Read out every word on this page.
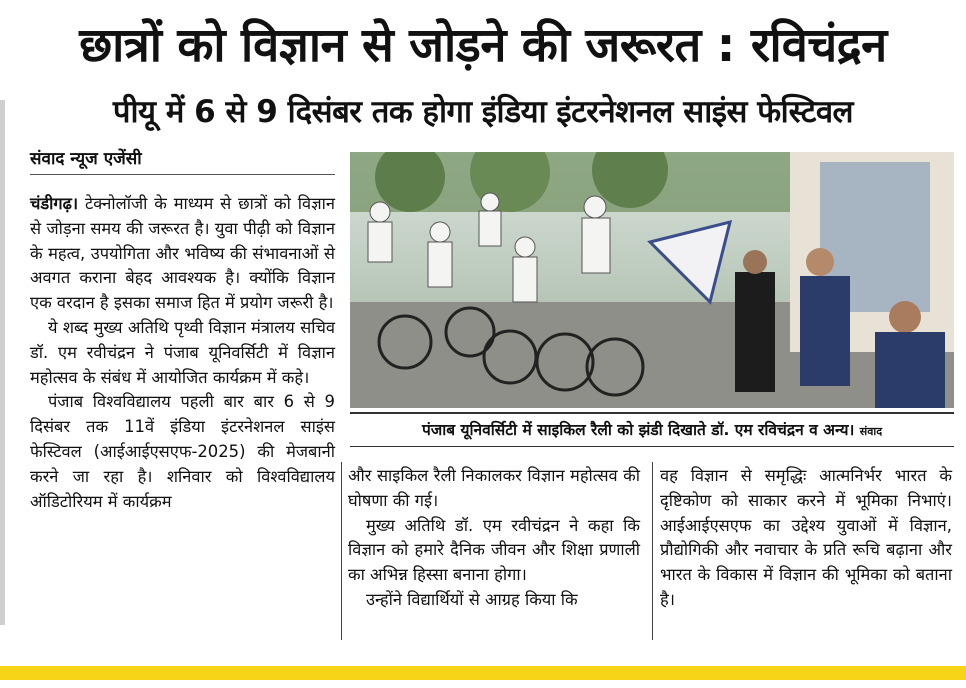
छात्रों को विज्ञान से जोड़ने की जरूरत : रविचंद्रन
पीयू में 6 से 9 दिसंबर तक होगा इंडिया इंटरनेशनल साइंस फेस्टिवल
संवाद न्यूज एजेंसी

चंडीगढ़। टेक्नोलॉजी के माध्यम से छात्रों को विज्ञान से जोड़ना समय की जरूरत है। युवा पीढ़ी को विज्ञान के महत्व, उपयोगिता और भविष्य की संभावनाओं से अवगत कराना बेहद आवश्यक है। क्योंकि विज्ञान एक वरदान है इसका समाज हित में प्रयोग जरूरी है।

ये शब्द मुख्य अतिथि पृथ्वी विज्ञान मंत्रालय सचिव डॉ. एम रवीचंद्रन ने पंजाब यूनिवर्सिटी में विज्ञान महोत्सव के संबंध में आयोजित कार्यक्रम में कहे।

पंजाब विश्वविद्यालय पहली बार बार 6 से 9 दिसंबर तक 11वें इंडिया इंटरनेशनल साइंस फेस्टिवल (आईआईएसएफ-2025) की मेजबानी करने जा रहा है। शनिवार को विश्वविद्यालय ऑडिटोरियम में कार्यक्रम

पंजाब यूनिवर्सिटी में साइकिल रैली को झंडी दिखाते डॉ. एम रविचंद्रन व अन्य। संवाद

और साइकिल रैली निकालकर विज्ञान महोत्सव की घोषणा की गई।

मुख्य अतिथि डॉ. एम रवीचंद्रन ने कहा कि विज्ञान को हमारे दैनिक जीवन और शिक्षा प्रणाली का अभिन्न हिस्सा बनाना होगा।

उन्होंने विद्यार्थियों से आग्रह किया कि

वह विज्ञान से समृद्धिः आत्मनिर्भर भारत के दृष्टिकोण को साकार करने में भूमिका निभाएं। आईआईएसएफ का उद्देश्य युवाओं में विज्ञान, प्रौद्योगिकी और नवाचार के प्रति रूचि बढ़ाना और भारत के विकास में विज्ञान की भूमिका को बताना है।
